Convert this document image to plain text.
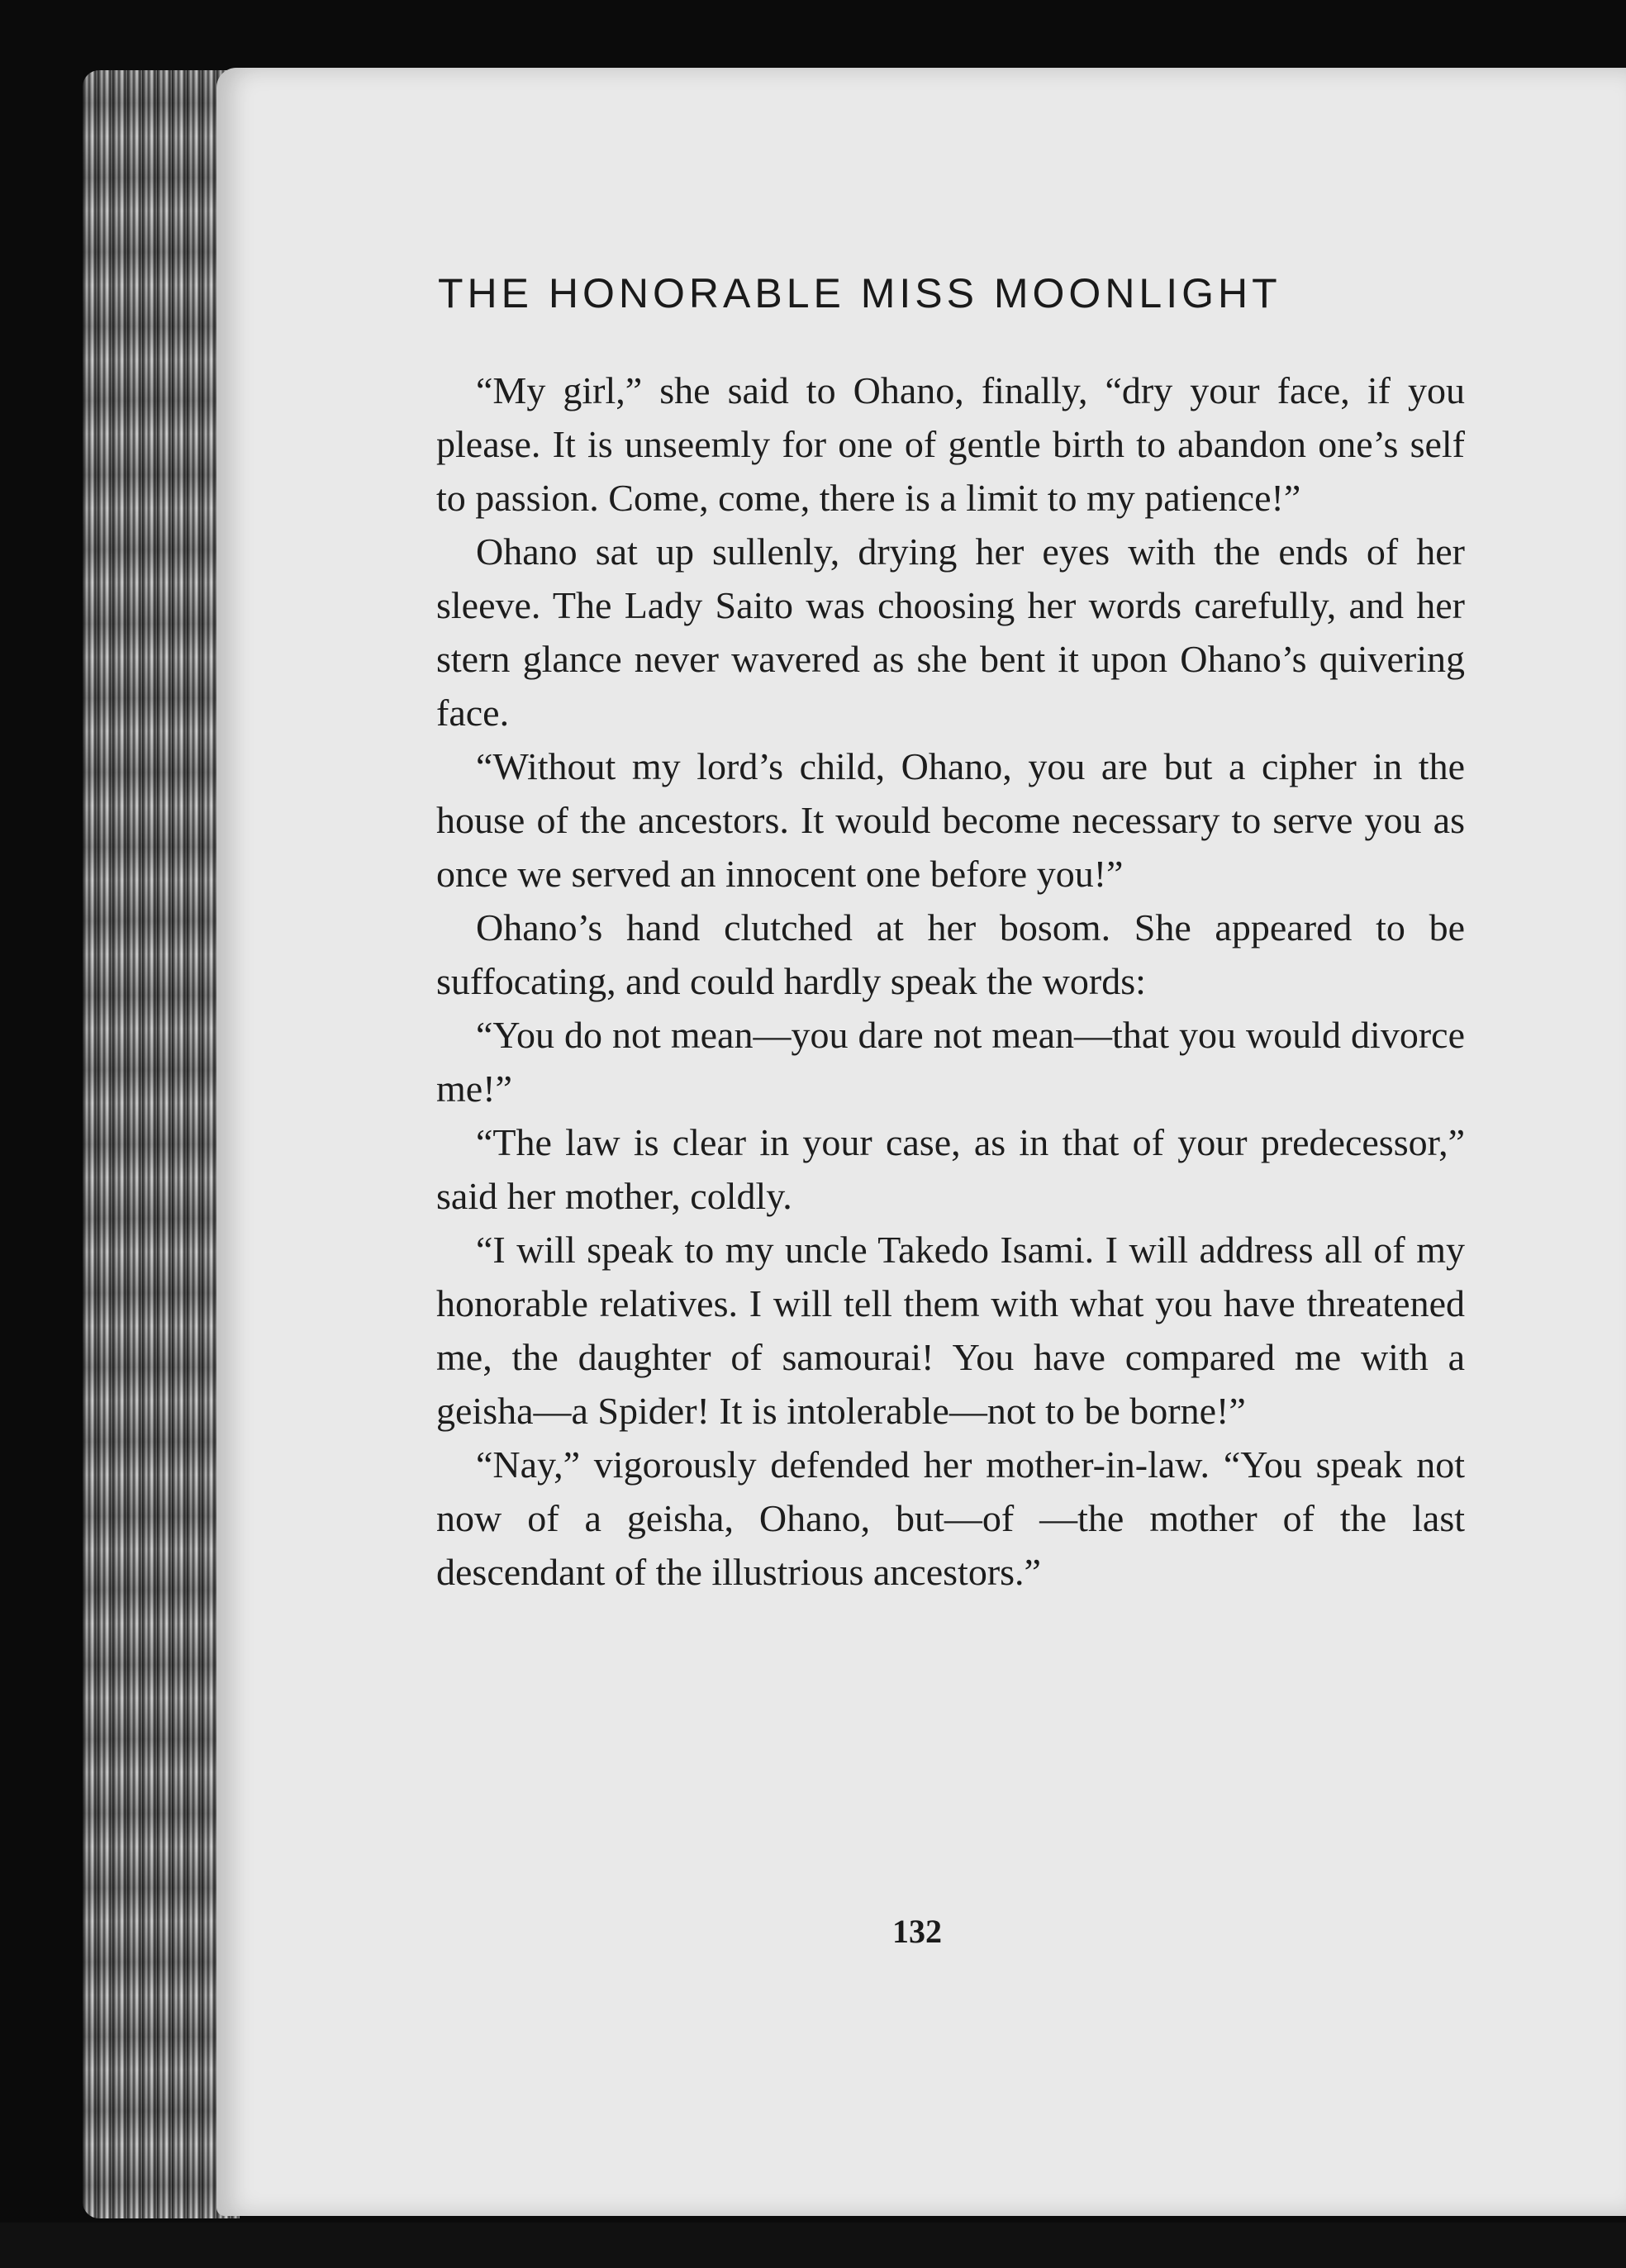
THE HONORABLE MISS MOONLIGHT

“My girl,” she said to Ohano, finally, “dry your face, if you please. It is unseemly for one of gentle birth to abandon one’s self to passion. Come, come, there is a limit to my patience!”

Ohano sat up sullenly, drying her eyes with the ends of her sleeve. The Lady Saito was choosing her words carefully, and her stern glance never wavered as she bent it upon Ohano’s quivering face.

“Without my lord’s child, Ohano, you are but a cipher in the house of the ancestors. It would become necessary to serve you as once we served an innocent one before you!”

Ohano’s hand clutched at her bosom. She appeared to be suffocating, and could hardly speak the words:

“You do not mean—you dare not mean—that you would divorce me!”

“The law is clear in your case, as in that of your predecessor,” said her mother, coldly.

“I will speak to my uncle Takedo Isami. I will address all of my honorable relatives. I will tell them with what you have threatened me, the daughter of samourai! You have compared me with a geisha—a Spider! It is intolerable—not to be borne!”

“Nay,” vigorously defended her mother-in-law. “You speak not now of a geisha, Ohano, but—of —the mother of the last descendant of the illustrious ancestors.”

132
